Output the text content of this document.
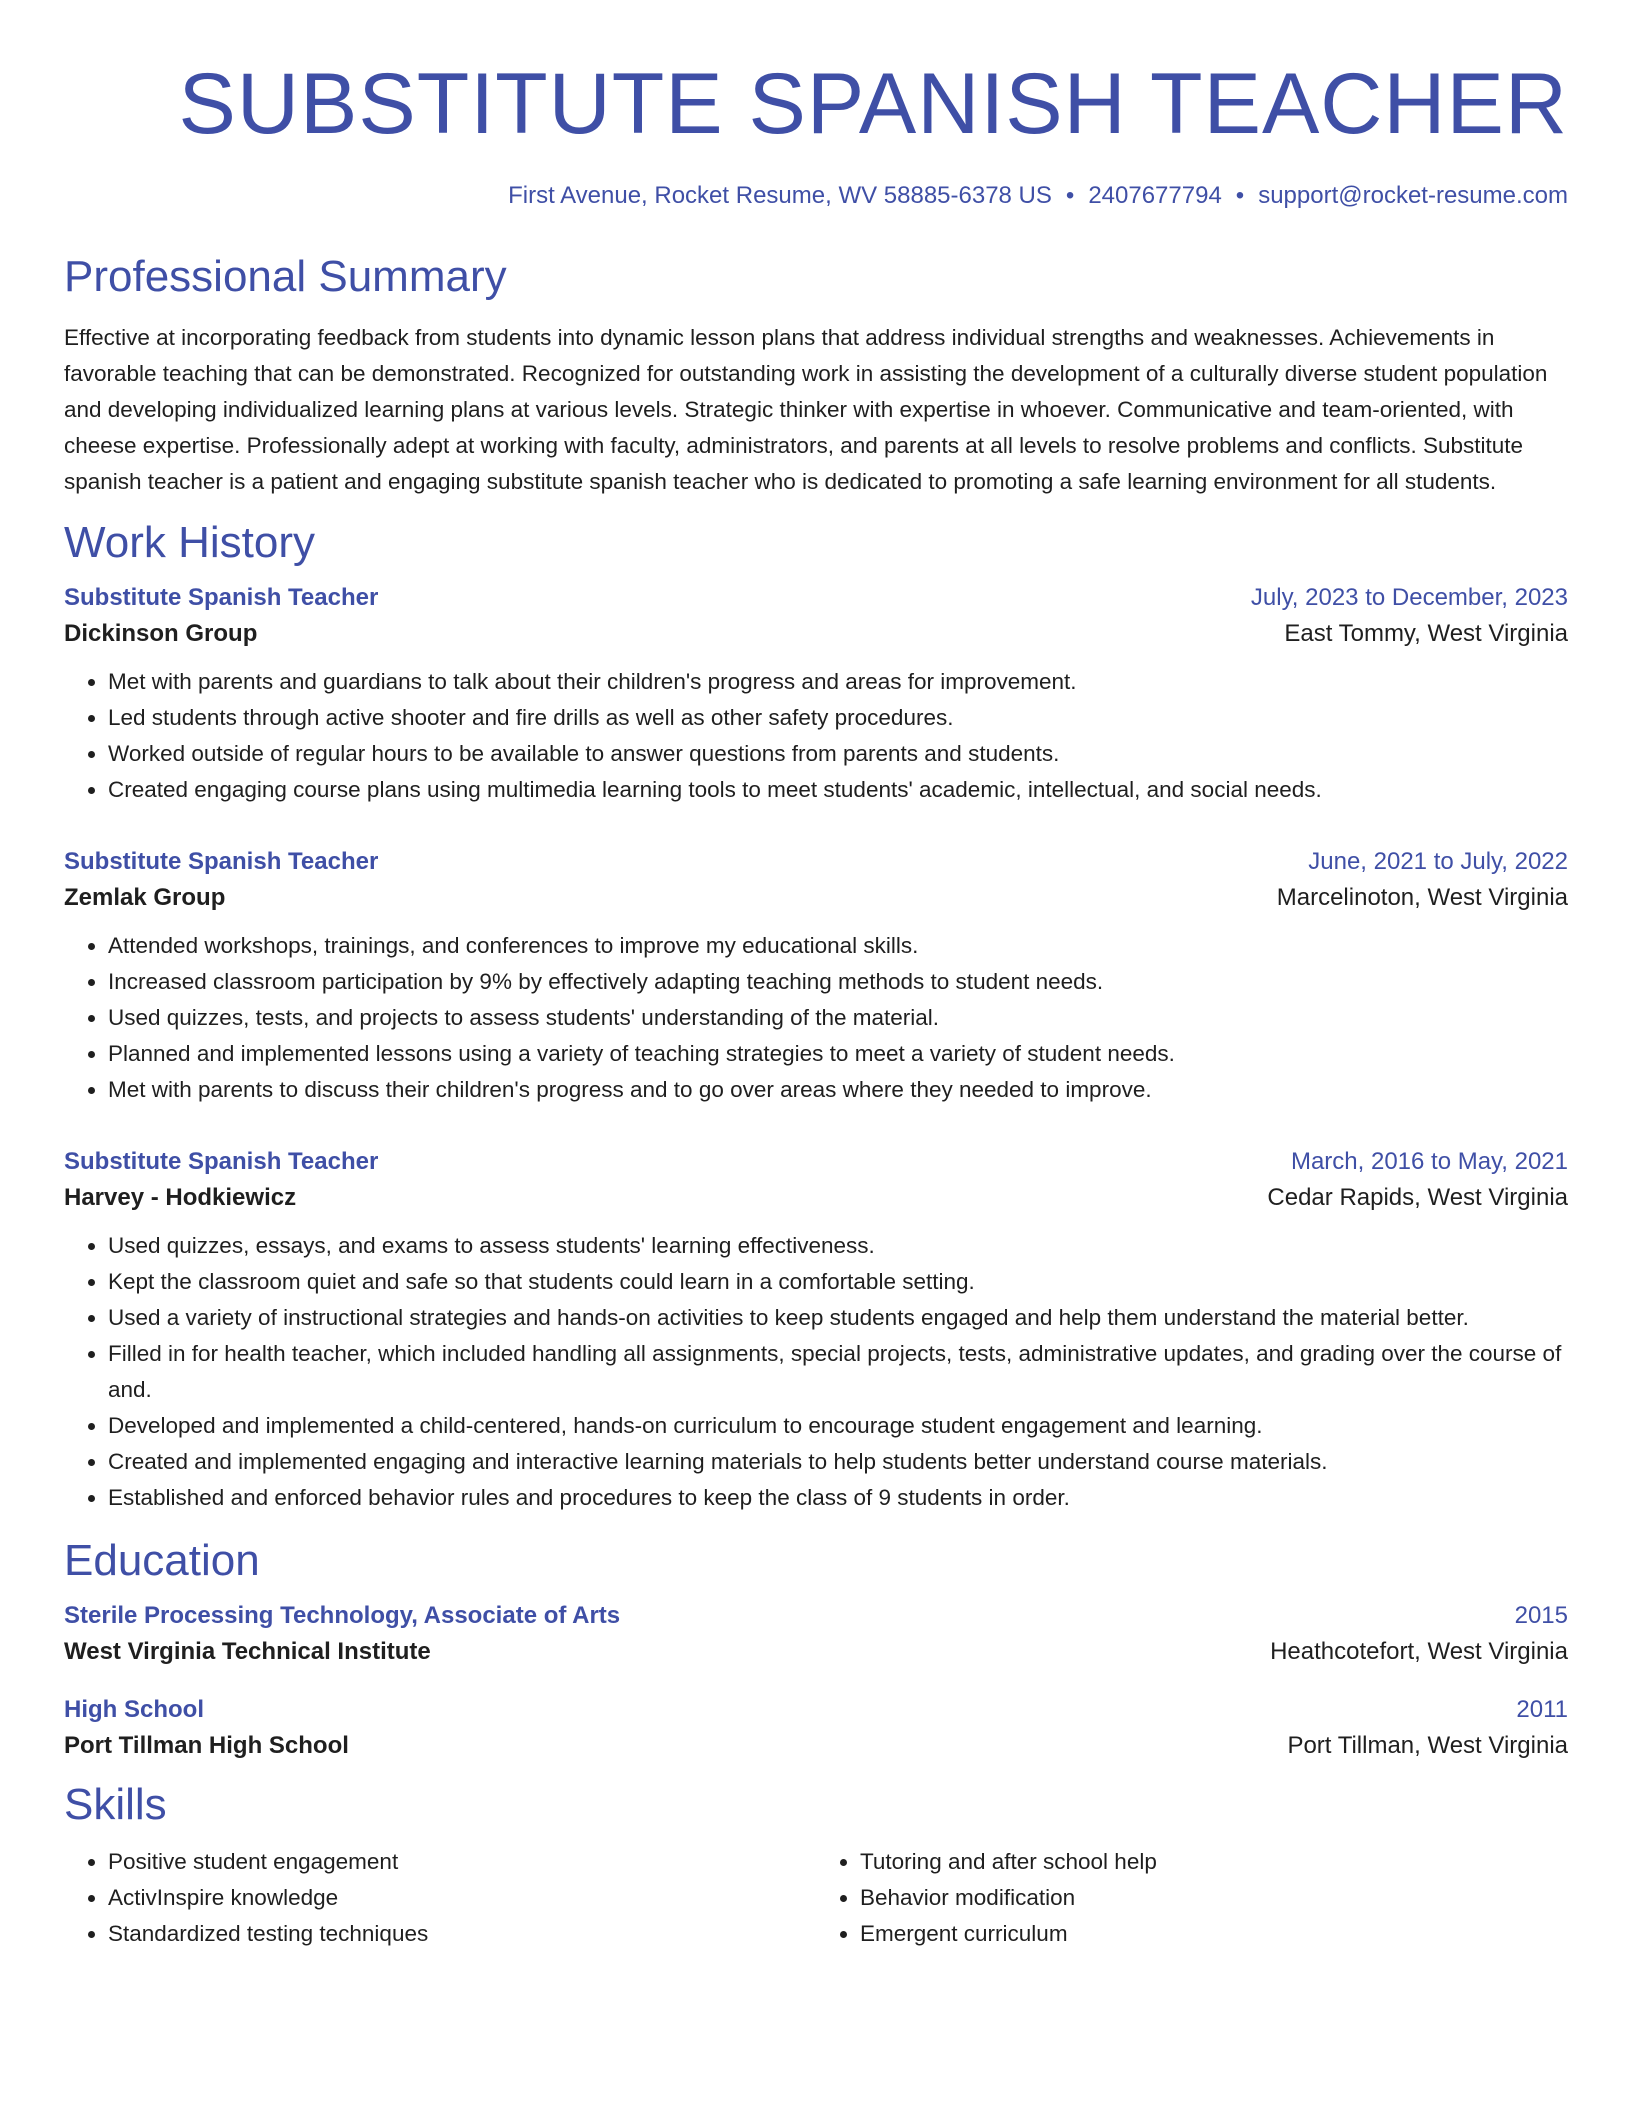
SUBSTITUTE SPANISH TEACHER
First Avenue, Rocket Resume, WV 58885-6378 US • 2407677794 • support@rocket-resume.com
Professional Summary

Effective at incorporating feedback from students into dynamic lesson plans that address individual strengths and weaknesses. Achievements in favorable teaching that can be demonstrated. Recognized for outstanding work in assisting the development of a culturally diverse student population and developing individualized learning plans at various levels. Strategic thinker with expertise in whoever. Communicative and team-oriented, with cheese expertise. Professionally adept at working with faculty, administrators, and parents at all levels to resolve problems and conflicts. Substitute spanish teacher is a patient and engaging substitute spanish teacher who is dedicated to promoting a safe learning environment for all students.

Work History
Substitute Spanish Teacher	July, 2023 to December, 2023
Dickinson Group	East Tommy, West Virginia
• Met with parents and guardians to talk about their children's progress and areas for improvement.
• Led students through active shooter and fire drills as well as other safety procedures.
• Worked outside of regular hours to be available to answer questions from parents and students.
• Created engaging course plans using multimedia learning tools to meet students' academic, intellectual, and social needs.
Substitute Spanish Teacher	June, 2021 to July, 2022
Zemlak Group	Marcelinoton, West Virginia
• Attended workshops, trainings, and conferences to improve my educational skills.
• Increased classroom participation by 9% by effectively adapting teaching methods to student needs.
• Used quizzes, tests, and projects to assess students' understanding of the material.
• Planned and implemented lessons using a variety of teaching strategies to meet a variety of student needs.
• Met with parents to discuss their children's progress and to go over areas where they needed to improve.
Substitute Spanish Teacher	March, 2016 to May, 2021
Harvey - Hodkiewicz	Cedar Rapids, West Virginia
• Used quizzes, essays, and exams to assess students' learning effectiveness.
• Kept the classroom quiet and safe so that students could learn in a comfortable setting.
• Used a variety of instructional strategies and hands-on activities to keep students engaged and help them understand the material better.
• Filled in for health teacher, which included handling all assignments, special projects, tests, administrative updates, and grading over the course of and.
• Developed and implemented a child-centered, hands-on curriculum to encourage student engagement and learning.
• Created and implemented engaging and interactive learning materials to help students better understand course materials.
• Established and enforced behavior rules and procedures to keep the class of 9 students in order.
Education
Sterile Processing Technology, Associate of Arts	2015
West Virginia Technical Institute	Heathcotefort, West Virginia
High School	2011
Port Tillman High School	Port Tillman, West Virginia
Skills
• Positive student engagement
• ActivInspire knowledge
• Standardized testing techniques
• Tutoring and after school help
• Behavior modification
• Emergent curriculum
